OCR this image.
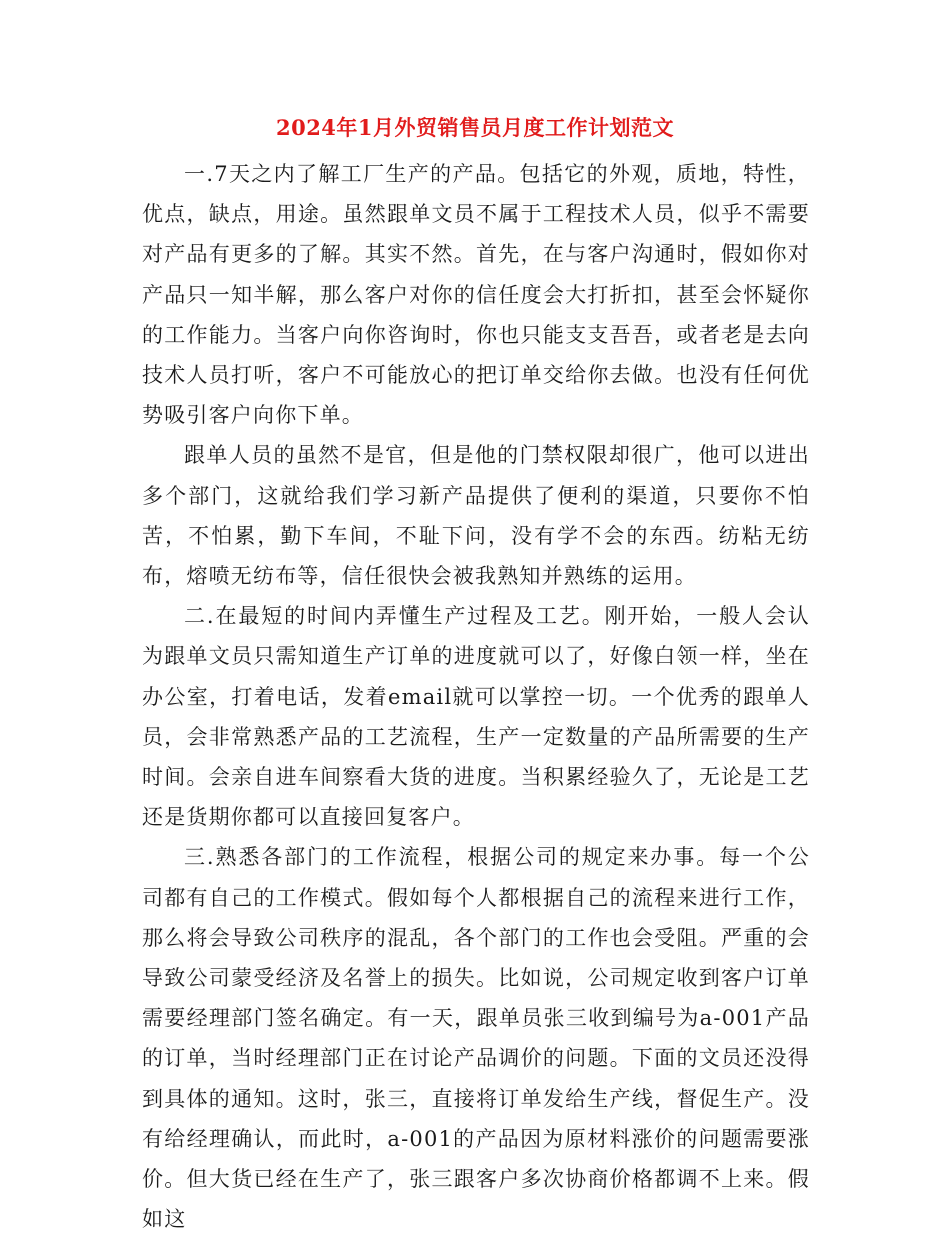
2024年1月外贸销售员月度工作计划范文

一.7天之内了解工厂生产的产品。包括它的外观，质地，特性，优点，缺点，用途。虽然跟单文员不属于工程技术人员，似乎不需要对产品有更多的了解。其实不然。首先，在与客户沟通时，假如你对产品只一知半解，那么客户对你的信任度会大打折扣，甚至会怀疑你的工作能力。当客户向你咨询时，你也只能支支吾吾，或者老是去向技术人员打听，客户不可能放心的把订单交给你去做。也没有任何优势吸引客户向你下单。

跟单人员的虽然不是官，但是他的门禁权限却很广，他可以进出多个部门，这就给我们学习新产品提供了便利的渠道，只要你不怕苦，不怕累，勤下车间，不耻下问，没有学不会的东西。纺粘无纺布，熔喷无纺布等，信任很快会被我熟知并熟练的运用。

二.在最短的时间内弄懂生产过程及工艺。刚开始，一般人会认为跟单文员只需知道生产订单的进度就可以了，好像白领一样，坐在办公室，打着电话，发着email就可以掌控一切。一个优秀的跟单人员，会非常熟悉产品的工艺流程，生产一定数量的产品所需要的生产时间。会亲自进车间察看大货的进度。当积累经验久了，无论是工艺还是货期你都可以直接回复客户。

三.熟悉各部门的工作流程，根据公司的规定来办事。每一个公司都有自己的工作模式。假如每个人都根据自己的流程来进行工作，那么将会导致公司秩序的混乱，各个部门的工作也会受阻。严重的会导致公司蒙受经济及名誉上的损失。比如说，公司规定收到客户订单需要经理部门签名确定。有一天，跟单员张三收到编号为a-001产品的订单，当时经理部门正在讨论产品调价的问题。下面的文员还没得到具体的通知。这时，张三，直接将订单发给生产线，督促生产。没有给经理确认，而此时，a-001的产品因为原材料涨价的问题需要涨价。但大货已经在生产了，张三跟客户多次协商价格都调不上来。假如这
